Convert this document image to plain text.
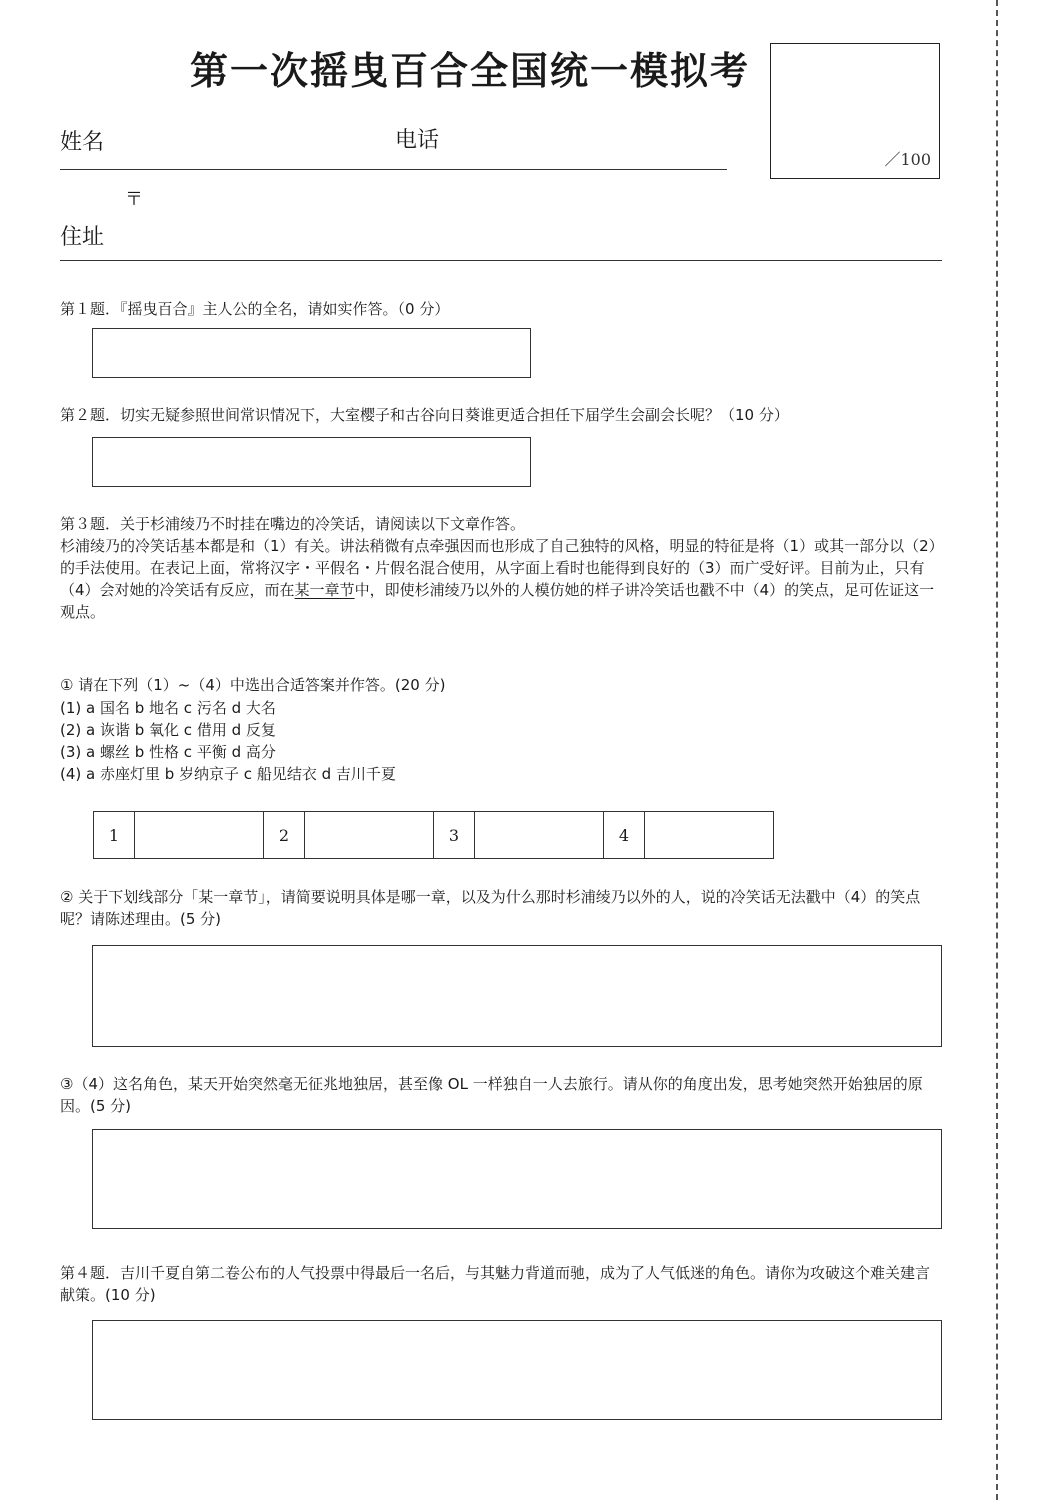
第一次摇曳百合全国统一模拟考
／100
姓名	电话
〒
住址
第１题．『摇曳百合』主人公的全名，请如实作答。（0 分）
第２题．切实无疑参照世间常识情况下，大室樱子和古谷向日葵谁更适合担任下届学生会副会长呢？（10 分）
第３题．关于杉浦绫乃不时挂在嘴边的冷笑话，请阅读以下文章作答。
杉浦绫乃的冷笑话基本都是和（1）有关。讲法稍微有点牵强因而也形成了自己独特的风格，明显的特征是将（1）或其一部分以（2）的手法使用。在表记上面，常将汉字・平假名・片假名混合使用，从字面上看时也能得到良好的（3）而广受好评。目前为止，只有（4）会对她的冷笑话有反应，而在某一章节中，即使杉浦绫乃以外的人模仿她的样子讲冷笑话也戳不中（4）的笑点，足可佐证这一观点。
① 请在下列（1）~（4）中选出合适答案并作答。(20 分)
(1) a 国名 b 地名 c 污名 d 大名
(2) a 诙谐 b 氧化 c 借用 d 反复
(3) a 螺丝 b 性格 c 平衡 d 高分
(4) a 赤座灯里 b 岁纳京子 c 船见结衣 d 吉川千夏
1		2		3		4	
② 关于下划线部分「某一章节」，请简要说明具体是哪一章，以及为什么那时杉浦绫乃以外的人，说的冷笑话无法戳中（4）的笑点呢？请陈述理由。(5 分)
③（4）这名角色，某天开始突然毫无征兆地独居，甚至像 OL 一样独自一人去旅行。请从你的角度出发，思考她突然开始独居的原因。(5 分)
第４题．吉川千夏自第二卷公布的人气投票中得最后一名后，与其魅力背道而驰，成为了人气低迷的角色。请你为攻破这个难关建言献策。(10 分)
